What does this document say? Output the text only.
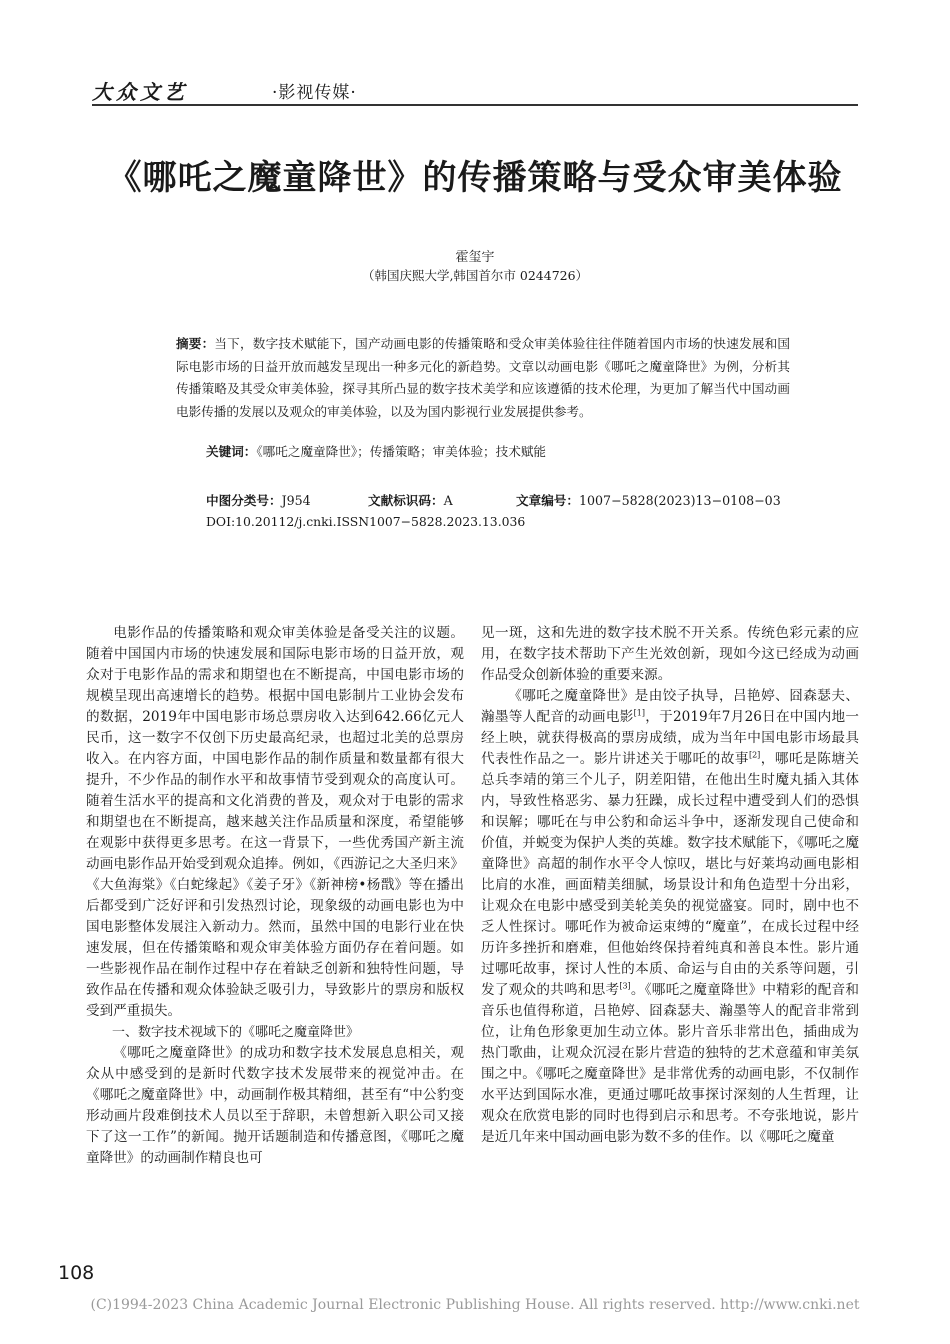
大众文艺	·影视传媒·
《哪吒之魔童降世》的传播策略与受众审美体验
霍玺宇
（韩国庆熙大学,韩国首尔市 0244726）
摘要：当下，数字技术赋能下，国产动画电影的传播策略和受众审美体验往往伴随着国内市场的快速发展和国际电影市场的日益开放而越发呈现出一种多元化的新趋势。文章以动画电影《哪吒之魔童降世》为例，分析其传播策略及其受众审美体验，探寻其所凸显的数字技术美学和应该遵循的技术伦理，为更加了解当代中国动画电影传播的发展以及观众的审美体验，以及为国内影视行业发展提供参考。
关键词：《哪吒之魔童降世》；传播策略；审美体验；技术赋能
中图分类号：J954	文献标识码：A	文章编号：1007−5828(2023)13−0108−03
DOI:10.20112/j.cnki.ISSN1007−5828.2023.13.036

电影作品的传播策略和观众审美体验是备受关注的议题。随着中国国内市场的快速发展和国际电影市场的日益开放，观众对于电影作品的需求和期望也在不断提高，中国电影市场的规模呈现出高速增长的趋势。根据中国电影制片工业协会发布的数据，2019年中国电影市场总票房收入达到642.66亿元人民币，这一数字不仅创下历史最高纪录，也超过北美的总票房收入。在内容方面，中国电影作品的制作质量和数量都有很大提升，不少作品的制作水平和故事情节受到观众的高度认可。随着生活水平的提高和文化消费的普及，观众对于电影的需求和期望也在不断提高，越来越关注作品质量和深度，希望能够在观影中获得更多思考。在这一背景下，一些优秀国产新主流动画电影作品开始受到观众追捧。例如，《西游记之大圣归来》《大鱼海棠》《白蛇缘起》《姜子牙》《新神榜•杨戬》等在播出后都受到广泛好评和引发热烈讨论，现象级的动画电影也为中国电影整体发展注入新动力。然而，虽然中国的电影行业在快速发展，但在传播策略和观众审美体验方面仍存在着问题。如一些影视作品在制作过程中存在着缺乏创新和独特性问题，导致作品在传播和观众体验缺乏吸引力，导致影片的票房和版权受到严重损失。

一、数字技术视域下的《哪吒之魔童降世》

《哪吒之魔童降世》的成功和数字技术发展息息相关，观众从中感受到的是新时代数字技术发展带来的视觉冲击。在《哪吒之魔童降世》中，动画制作极其精细，甚至有“中公豹变形动画片段难倒技术人员以至于辞职，未曾想新入职公司又接下了这一工作”的新闻。抛开话题制造和传播意图，《哪吒之魔童降世》的动画制作精良也可

见一斑，这和先进的数字技术脱不开关系。传统色彩元素的应用，在数字技术帮助下产生光效创新，现如今这已经成为动画作品受众创新体验的重要来源。

《哪吒之魔童降世》是由饺子执导，吕艳婷、囧森瑟夫、瀚墨等人配音的动画电影[1]，于2019年7月26日在中国内地一经上映，就获得极高的票房成绩，成为当年中国电影市场最具代表性作品之一。影片讲述关于哪吒的故事[2]，哪吒是陈塘关总兵李靖的第三个儿子，阴差阳错，在他出生时魔丸插入其体内，导致性格恶劣、暴力狂躁，成长过程中遭受到人们的恐惧和误解；哪吒在与申公豹和命运斗争中，逐渐发现自己使命和价值，并蜕变为保护人类的英雄。数字技术赋能下，《哪吒之魔童降世》高超的制作水平令人惊叹，堪比与好莱坞动画电影相比肩的水准，画面精美细腻，场景设计和角色造型十分出彩，让观众在电影中感受到美轮美奂的视觉盛宴。同时，剧中也不乏人性探讨。哪吒作为被命运束缚的“魔童”，在成长过程中经历许多挫折和磨难，但他始终保持着纯真和善良本性。影片通过哪吒故事，探讨人性的本质、命运与自由的关系等问题，引发了观众的共鸣和思考[3]。《哪吒之魔童降世》中精彩的配音和音乐也值得称道，吕艳婷、囧森瑟夫、瀚墨等人的配音非常到位，让角色形象更加生动立体。影片音乐非常出色，插曲成为热门歌曲，让观众沉浸在影片营造的独特的艺术意蕴和审美氛围之中。《哪吒之魔童降世》是非常优秀的动画电影，不仅制作水平达到国际水准，更通过哪吒故事探讨深刻的人生哲理，让观众在欣赏电影的同时也得到启示和思考。不夸张地说，影片是近几年来中国动画电影为数不多的佳作。以《哪吒之魔童

108
(C)1994-2023 China Academic Journal Electronic Publishing House. All rights reserved. http://www.cnki.net
